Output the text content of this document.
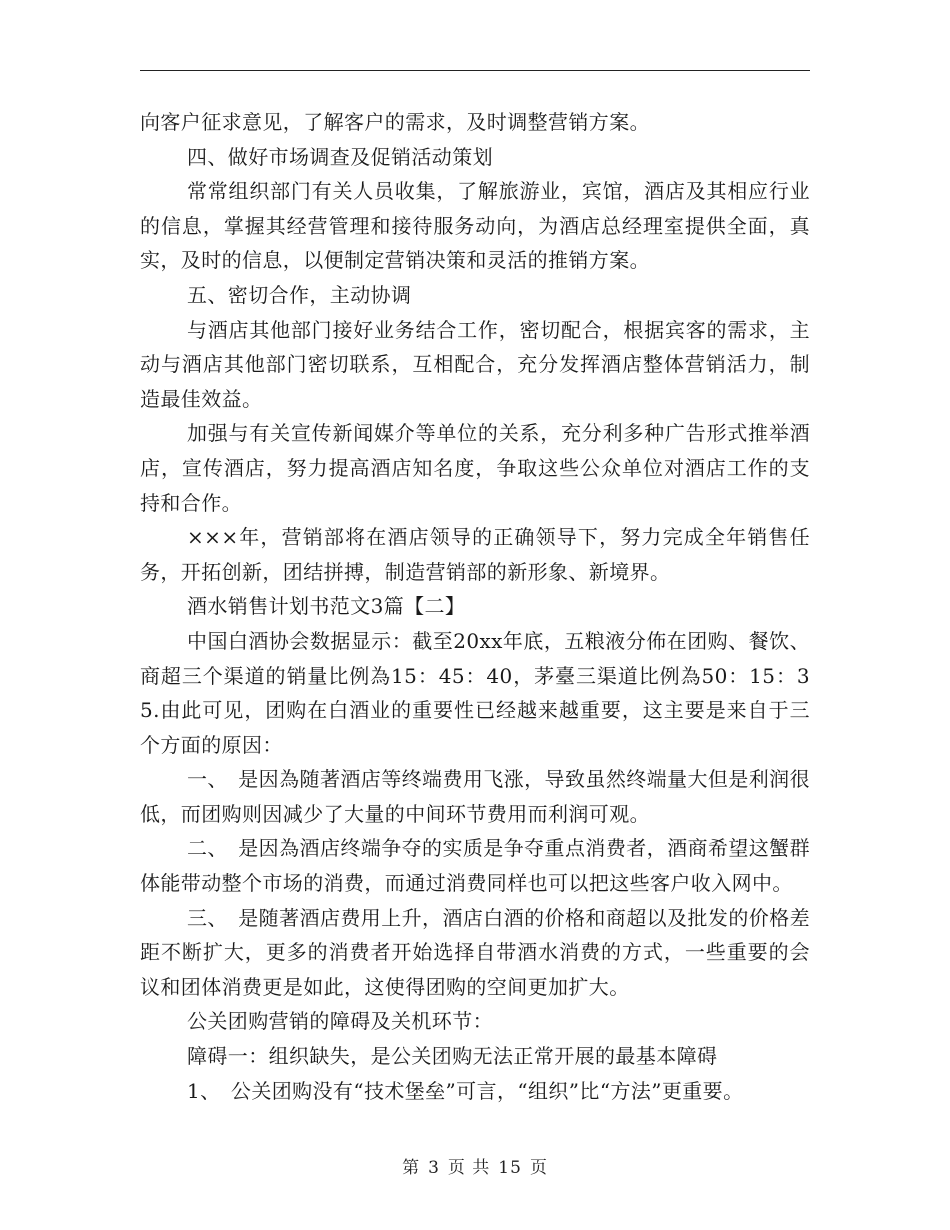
向客户征求意见，了解客户的需求，及时调整营销方案。

四、做好市场调查及促销活动策划

常常组织部门有关人员收集，了解旅游业，宾馆，酒店及其相应行业的信息，掌握其经营管理和接待服务动向，为酒店总经理室提供全面，真实，及时的信息，以便制定营销决策和灵活的推销方案。

五、密切合作，主动协调

与酒店其他部门接好业务结合工作，密切配合，根据宾客的需求，主动与酒店其他部门密切联系，互相配合，充分发挥酒店整体营销活力，制造最佳效益。

加强与有关宣传新闻媒介等单位的关系，充分利多种广告形式推举酒店，宣传酒店，努力提高酒店知名度，争取这些公众单位对酒店工作的支持和合作。

×××年，营销部将在酒店领导的正确领导下，努力完成全年销售任务，开拓创新，团结拼搏，制造营销部的新形象、新境界。

酒水销售计划书范文3篇【二】

中国白酒协会数据显示：截至20xx年底，五粮液分佈在团购、餐饮、商超三个渠道的销量比例為15：45：40，茅臺三渠道比例為50：15：35.由此可见，团购在白酒业的重要性已经越来越重要，这主要是来自于三个方面的原因：

一、　是因為随著酒店等终端费用飞涨，导致虽然终端量大但是利润很低，而团购则因减少了大量的中间环节费用而利润可观。

二、　是因為酒店终端争夺的实质是争夺重点消费者，酒商希望这蟹群体能带动整个市场的消费，而通过消费同样也可以把这些客户收入网中。

三、　是随著酒店费用上升，酒店白酒的价格和商超以及批发的价格差距不断扩大，更多的消费者开始选择自带酒水消费的方式，一些重要的会议和团体消费更是如此，这使得团购的空间更加扩大。

公关团购营销的障碍及关机环节：

障碍一：组织缺失，是公关团购无法正常开展的最基本障碍

1、　公关团购没有“技术堡垒”可言，“组织”比“方法”更重要。

第 3 页 共 15 页
